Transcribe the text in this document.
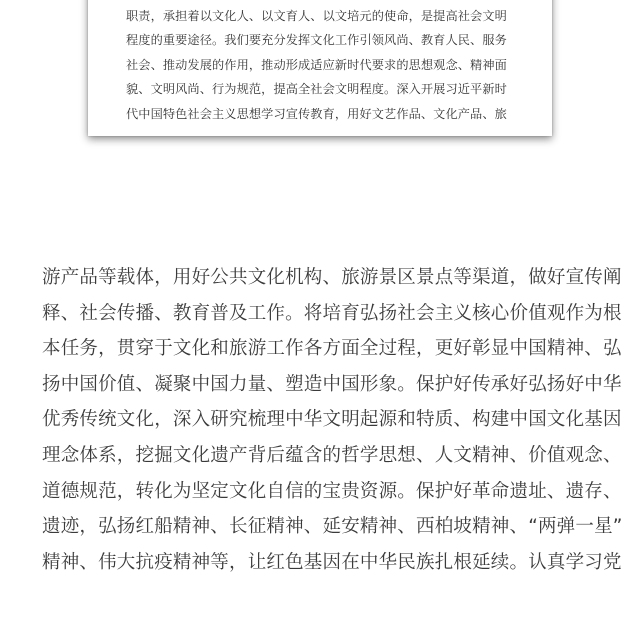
职责，承担着以文化人、以文育人、以文培元的使命，是提高社会文明
程度的重要途径。我们要充分发挥文化工作引领风尚、教育人民、服务
社会、推动发展的作用，推动形成适应新时代要求的思想观念、精神面
貌、文明风尚、行为规范，提高全社会文明程度。深入开展习近平新时
代中国特色社会主义思想学习宣传教育，用好文艺作品、文化产品、旅
游产品等载体，用好公共文化机构、旅游景区景点等渠道，做好宣传阐
释、社会传播、教育普及工作。将培育弘扬社会主义核心价值观作为根
本任务，贯穿于文化和旅游工作各方面全过程，更好彰显中国精神、弘
扬中国价值、凝聚中国力量、塑造中国形象。保护好传承好弘扬好中华
优秀传统文化，深入研究梳理中华文明起源和特质、构建中国文化基因
理念体系，挖掘文化遗产背后蕴含的哲学思想、人文精神、价值观念、
道德规范，转化为坚定文化自信的宝贵资源。保护好革命遗址、遗存、
遗迹，弘扬红船精神、长征精神、延安精神、西柏坡精神、“两弹一星”
精神、伟大抗疫精神等，让红色基因在中华民族扎根延续。认真学习党
